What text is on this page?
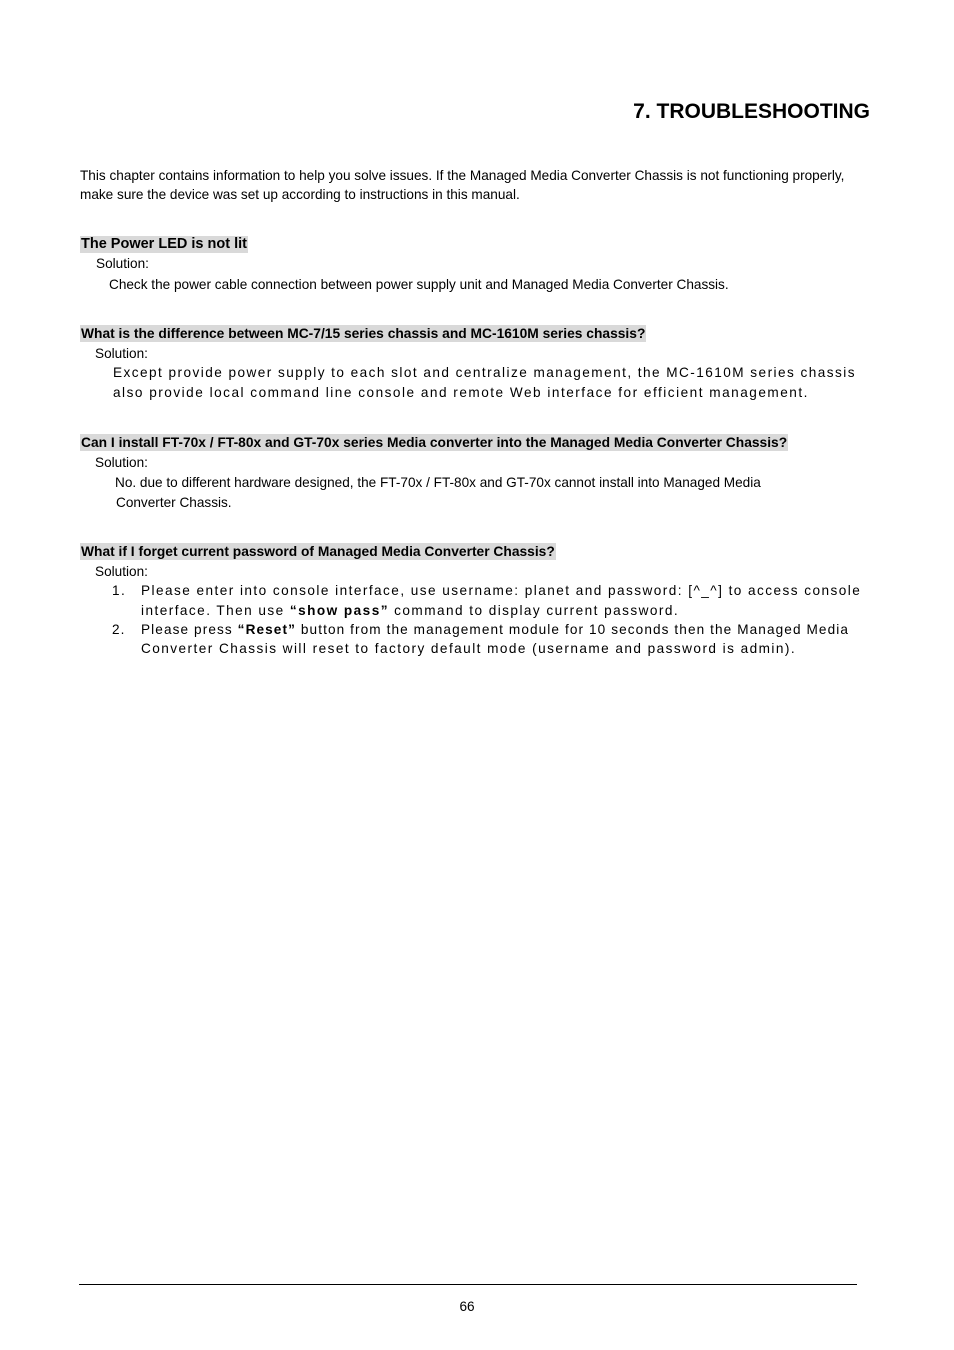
7. TROUBLESHOOTING
This chapter contains information to help you solve issues. If the Managed Media Converter Chassis is not functioning properly, make sure the device was set up according to instructions in this manual.
The Power LED is not lit
Solution:
Check the power cable connection between power supply unit and Managed Media Converter Chassis.
What is the difference between MC-7/15 series chassis and MC-1610M series chassis?
Solution:
Except provide power supply to each slot and centralize management, the MC-1610M series chassis
also provide local command line console and remote Web interface for efficient management.
Can I install FT-70x / FT-80x and GT-70x series Media converter into the Managed Media Converter Chassis?
Solution:
No. due to different hardware designed, the FT-70x / FT-80x and GT-70x cannot install into Managed Media
Converter Chassis.
What if I forget current password of Managed Media Converter Chassis?
Solution:
1. Please enter into console interface, use username: planet and password: [^_^] to access console
interface. Then use “show pass” command to display current password.
2. Please press “Reset” button from the management module for 10 seconds then the Managed Media
Converter Chassis will reset to factory default mode (username and password is admin).
66
